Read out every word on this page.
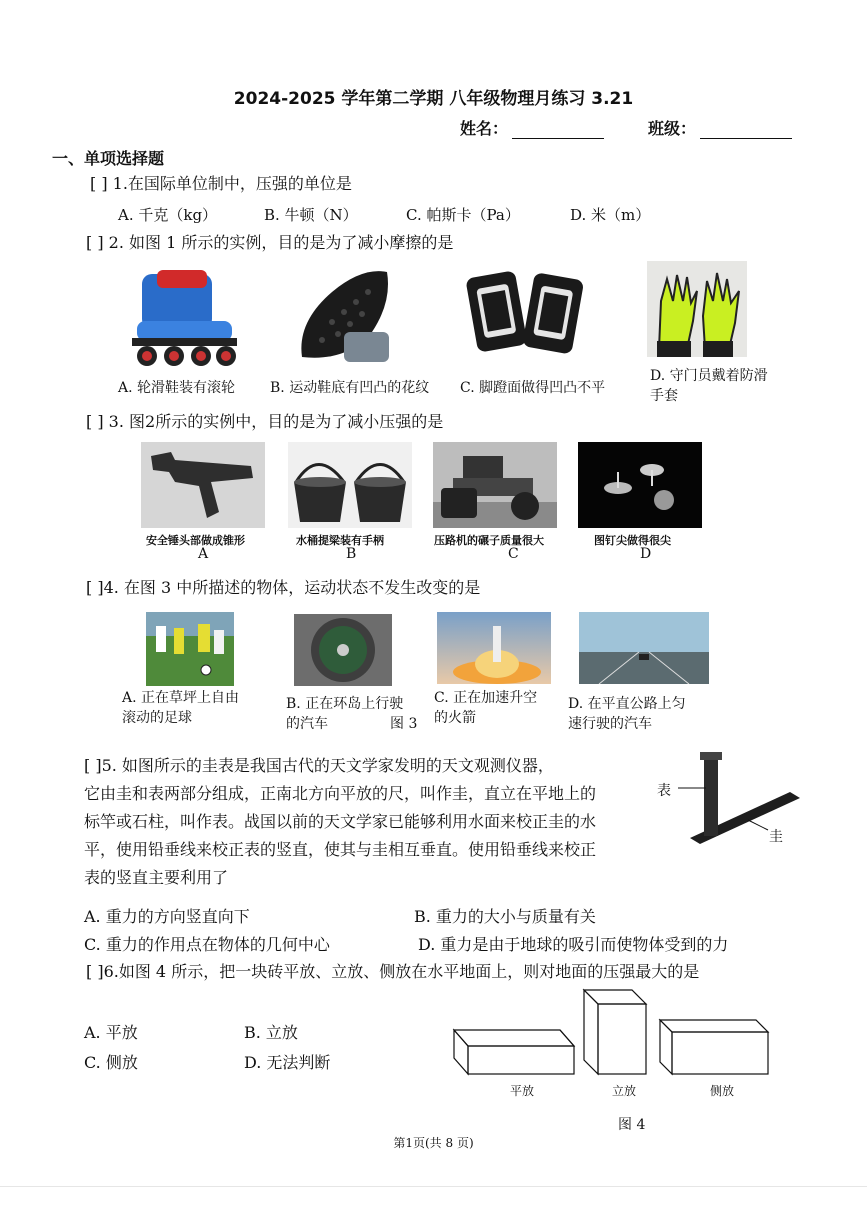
2024-2025 学年第二学期 八年级物理月练习 3.21
姓名：	班级：
一、单项选择题
[ ] 1.在国际单位制中，压强的单位是
A. 千克（kg）	B. 牛顿（N）	C. 帕斯卡（Pa）	D. 米（m）
[ ] 2. 如图 1 所示的实例，目的是为了减小摩擦的是
A. 轮滑鞋装有滚轮 B. 运动鞋底有凹凸的花纹 C. 脚蹬面做得凹凸不平
D. 守门员戴着防滑手套
[ ] 3. 图2所示的实例中，目的是为了减小压强的是
安全锤头部做成锥形	水桶提梁装有手柄	压路机的碾子质量很大	图钉尖做得很尖
A	B	C	D
[ ]4. 在图 3 中所描述的物体，运动状态不发生改变的是
A. 正在草坪上自由滚动的足球
B. 正在环岛上行驶的汽车	图 3
C. 正在加速升空的火箭
D. 在平直公路上匀速行驶的汽车
[ ]5. 如图所示的圭表是我国古代的天文学家发明的天文观测仪器，
它由圭和表两部分组成，正南北方向平放的尺，叫作圭，直立在平地上的
标竿或石柱，叫作表。战国以前的天文学家已能够利用水面来校正圭的水
平，使用铅垂线来校正表的竖直，使其与圭相互垂直。使用铅垂线来校正
表的竖直主要利用了
表
圭
A. 重力的方向竖直向下	B. 重力的大小与质量有关
C. 重力的作用点在物体的几何中心	D. 重力是由于地球的吸引而使物体受到的力
[ ]6.如图 4 所示，把一块砖平放、立放、侧放在水平地面上，则对地面的压强最大的是
A. 平放	B. 立放
C. 侧放	D. 无法判断
平放	立放	侧放
图 4
第1页(共 8 页)
